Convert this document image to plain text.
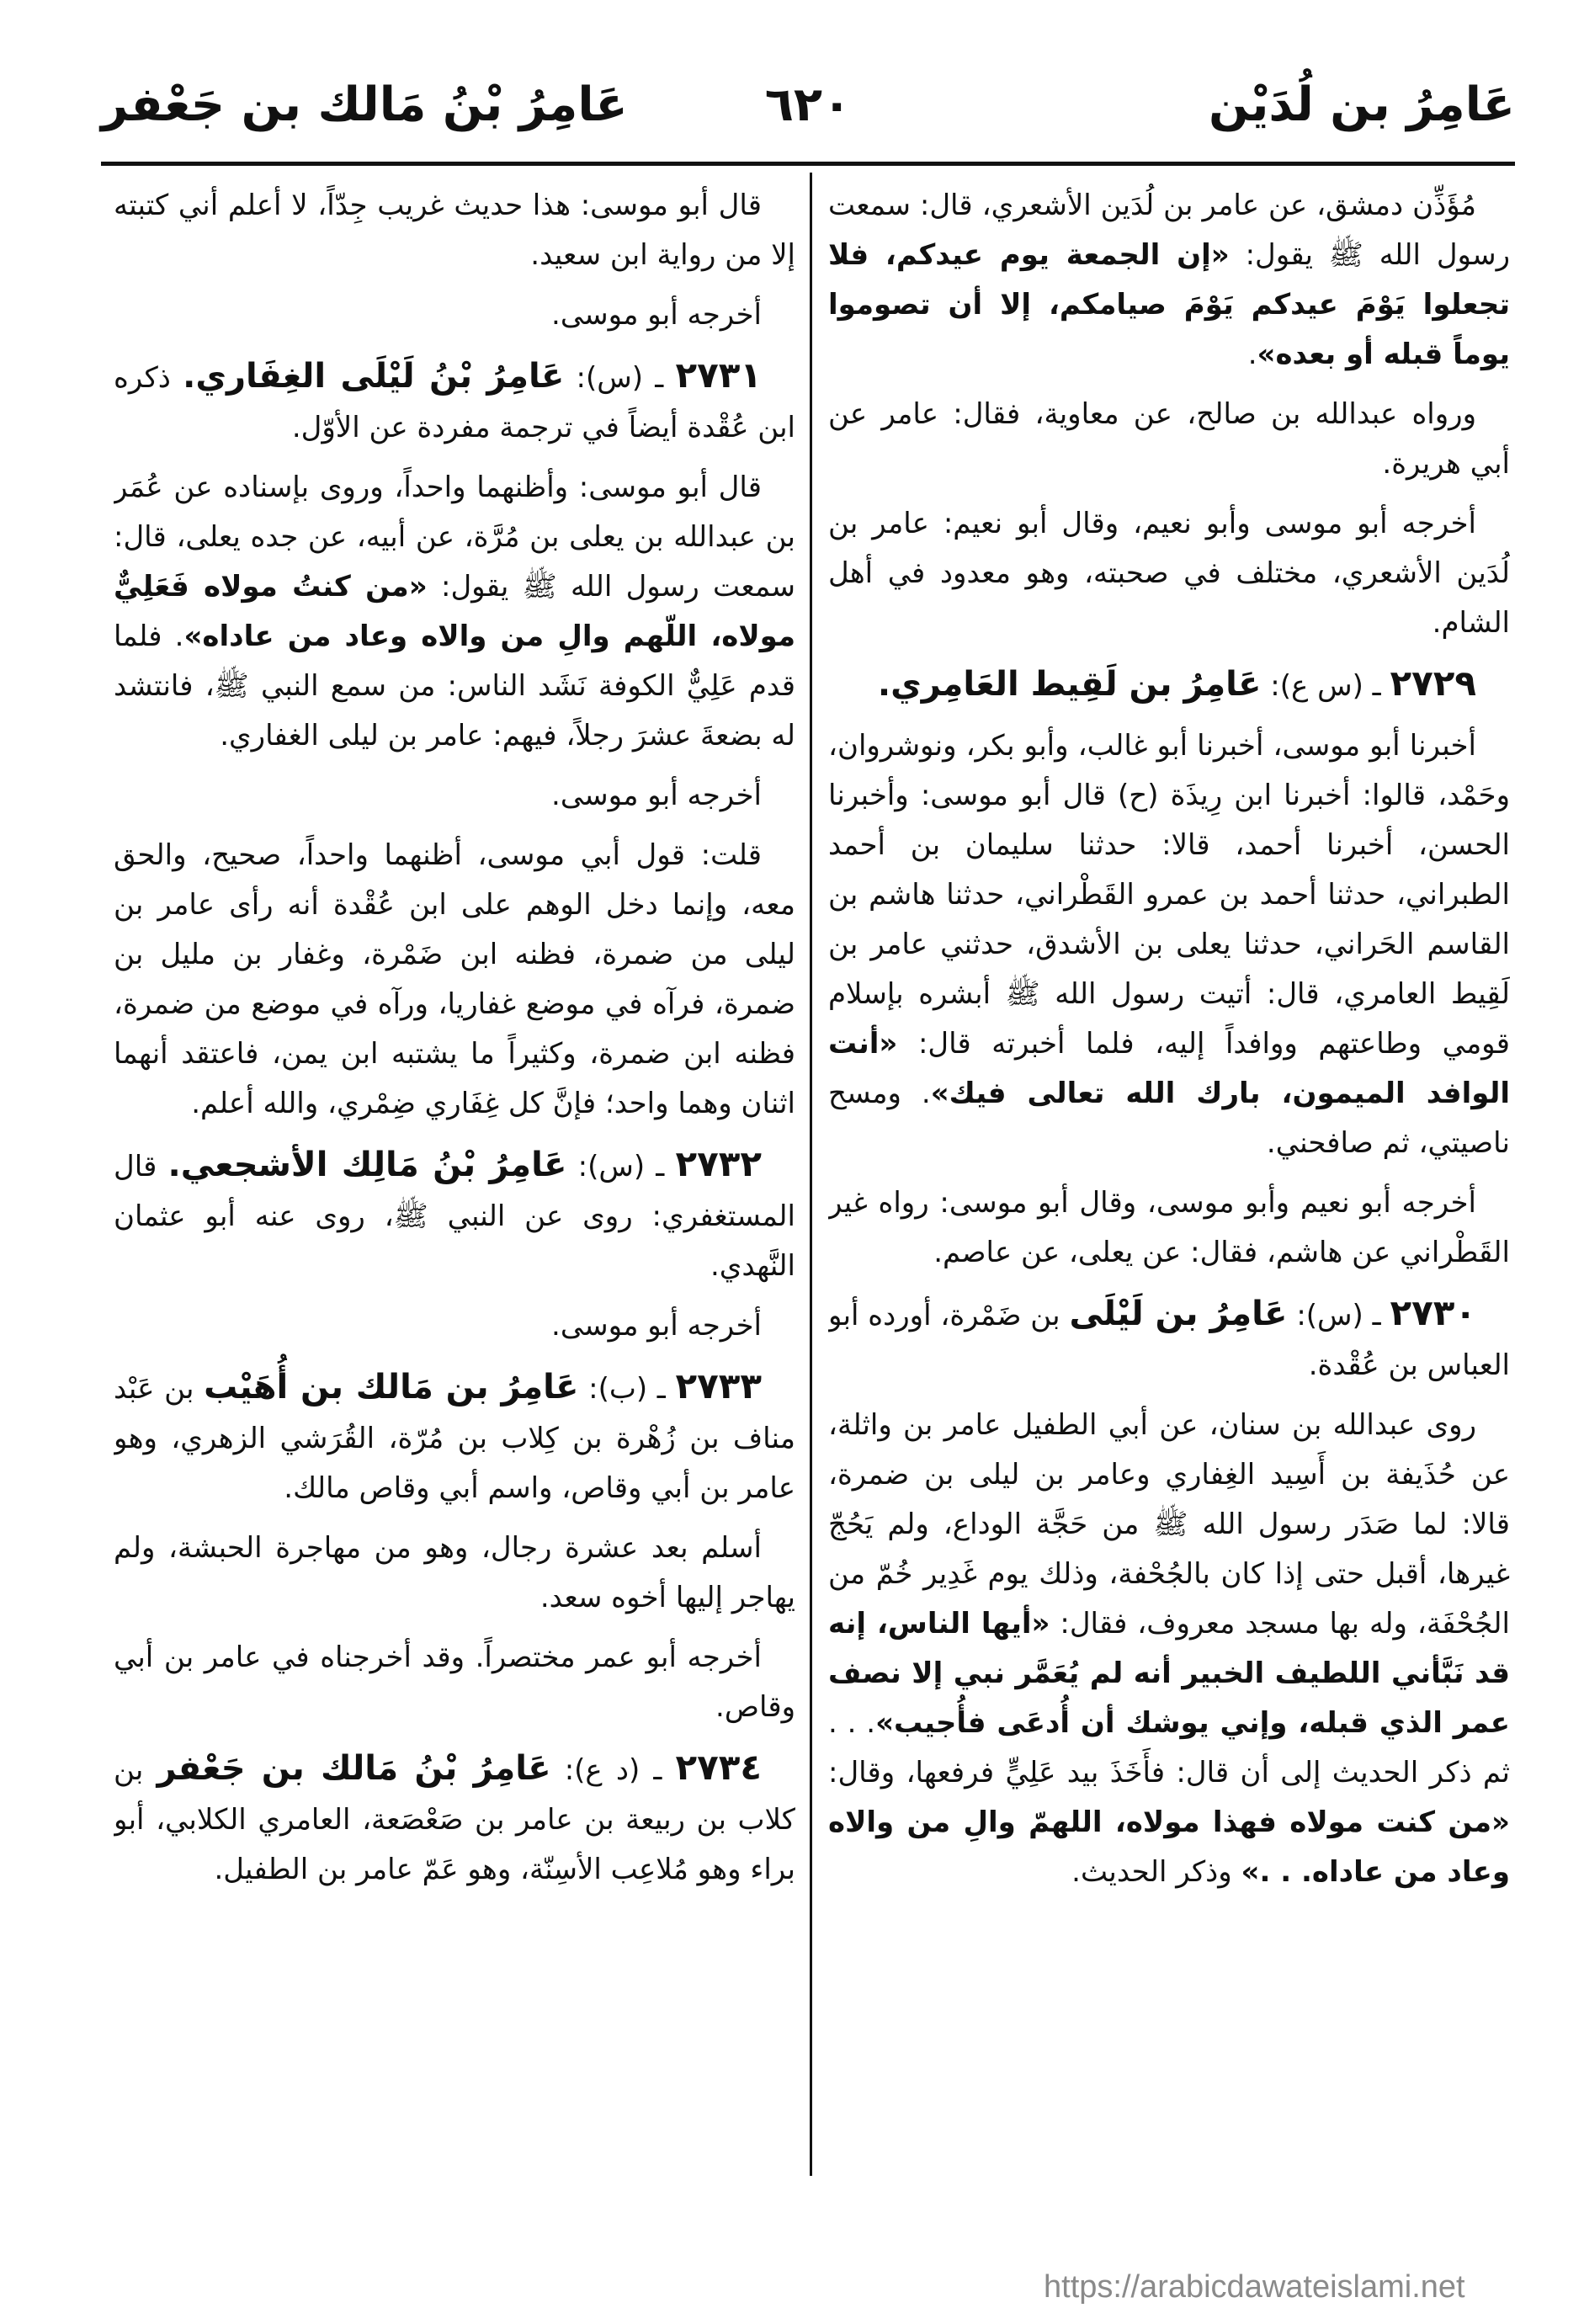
عَامِرُ بن لُدَيْن
٦٢٠
عَامِرُ بْنُ مَالك بن جَعْفر

مُؤَذِّن دمشق، عن عامر بن لُدَين الأشعري، قال: سمعت رسول الله ﷺ يقول: «إن الجمعة يوم عيدكم، فلا تجعلوا يَوْمَ عيدكم يَوْمَ صيامكم، إلا أن تصوموا يوماً قبله أو بعده».

ورواه عبدالله بن صالح، عن معاوية، فقال: عامر عن أبي هريرة.

أخرجه أبو موسى وأبو نعيم، وقال أبو نعيم: عامر بن لُدَين الأشعري، مختلف في صحبته، وهو معدود في أهل الشام.

٢٧٢٩ ـ (س ع): عَامِرُ بن لَقِيط العَامِري.

أخبرنا أبو موسى، أخبرنا أبو غالب، وأبو بكر، ونوشروان، وحَمْد، قالوا: أخبرنا ابن رِيذَة (ح) قال أبو موسى: وأخبرنا الحسن، أخبرنا أحمد، قالا: حدثنا سليمان بن أحمد الطبراني، حدثنا أحمد بن عمرو القَطْراني، حدثنا هاشم بن القاسم الحَراني، حدثنا يعلى بن الأشدق، حدثني عامر بن لَقِيط العامري، قال: أتيت رسول الله ﷺ أبشره بإسلام قومي وطاعتهم ووافداً إليه، فلما أخبرته قال: «أنت الوافد الميمون، بارك الله تعالى فيك». ومسح ناصيتي، ثم صافحني.

أخرجه أبو نعيم وأبو موسى، وقال أبو موسى: رواه غير القَطْراني عن هاشم، فقال: عن يعلى، عن عاصم.

٢٧٣٠ ـ (س): عَامِرُ بن لَيْلَى بن ضَمْرة، أورده أبو العباس بن عُقْدة.

روى عبدالله بن سنان، عن أبي الطفيل عامر بن واثلة، عن حُذَيفة بن أَسِيد الغِفاري وعامر بن ليلى بن ضمرة، قالا: لما صَدَر رسول الله ﷺ من حَجَّة الوداع، ولم يَحُجّ غيرها، أقبل حتى إذا كان بالجُحْفة، وذلك يوم غَدِير خُمّ من الجُحْفَة، وله بها مسجد معروف، فقال: «أيها الناس، إنه قد نَبَّأني اللطيف الخبير أنه لم يُعَمَّر نبي إلا نصف عمر الذي قبله، وإني يوشك أن أُدعَى فأُجيب». . . ثم ذكر الحديث إلى أن قال: فأَخَذَ بيد عَلِيٍّ فرفعها، وقال: «من كنت مولاه فهذا مولاه، اللهمّ والِ من والاه وعاد من عاداه. . .» وذكر الحديث.

قال أبو موسى: هذا حديث غريب جِدّاً، لا أعلم أني كتبته إلا من رواية ابن سعيد.

أخرجه أبو موسى.

٢٧٣١ ـ (س): عَامِرُ بْنُ لَيْلَى الغِفَاري. ذكره ابن عُقْدة أيضاً في ترجمة مفردة عن الأوّل.

قال أبو موسى: وأظنهما واحداً، وروى بإسناده عن عُمَر بن عبدالله بن يعلى بن مُرَّة، عن أبيه، عن جده يعلى، قال: سمعت رسول الله ﷺ يقول: «من كنتُ مولاه فَعَلِيٌّ مولاه، اللّهم والِ من والاه وعاد من عاداه». فلما قدم عَلِيٌّ الكوفة نَشَد الناس: من سمع النبي ﷺ، فانتشد له بضعةَ عشرَ رجلاً، فيهم: عامر بن ليلى الغفاري.

أخرجه أبو موسى.

قلت: قول أبي موسى، أظنهما واحداً، صحيح، والحق معه، وإنما دخل الوهم على ابن عُقْدة أنه رأى عامر بن ليلى من ضمرة، فظنه ابن ضَمْرة، وغفار بن مليل بن ضمرة، فرآه في موضع غفاريا، ورآه في موضع من ضمرة، فظنه ابن ضمرة، وكثيراً ما يشتبه ابن يمن، فاعتقد أنهما اثنان وهما واحد؛ فإنَّ كل غِفَاري ضِمْري، والله أعلم.

٢٧٣٢ ـ (س): عَامِرُ بْنُ مَالِك الأشجعي. قال المستغفري: روى عن النبي ﷺ، روى عنه أبو عثمان النَّهدي.

أخرجه أبو موسى.

٢٧٣٣ ـ (ب): عَامِرُ بن مَالك بن أُهَيْب بن عَبْد مناف بن زُهْرة بن كِلاب بن مُرّة، القُرَشي الزهري، وهو عامر بن أبي وقاص، واسم أبي وقاص مالك.

أسلم بعد عشرة رجال، وهو من مهاجرة الحبشة، ولم يهاجر إليها أخوه سعد.

أخرجه أبو عمر مختصراً. وقد أخرجناه في عامر بن أبي وقاص.

٢٧٣٤ ـ (د ع): عَامِرُ بْنُ مَالك بن جَعْفر بن كلاب بن ربيعة بن عامر بن صَعْصَعة، العامري الكلابي، أبو براء وهو مُلاعِب الأسِنّة، وهو عَمّ عامر بن الطفيل.

https://arabicdawateislami.net
